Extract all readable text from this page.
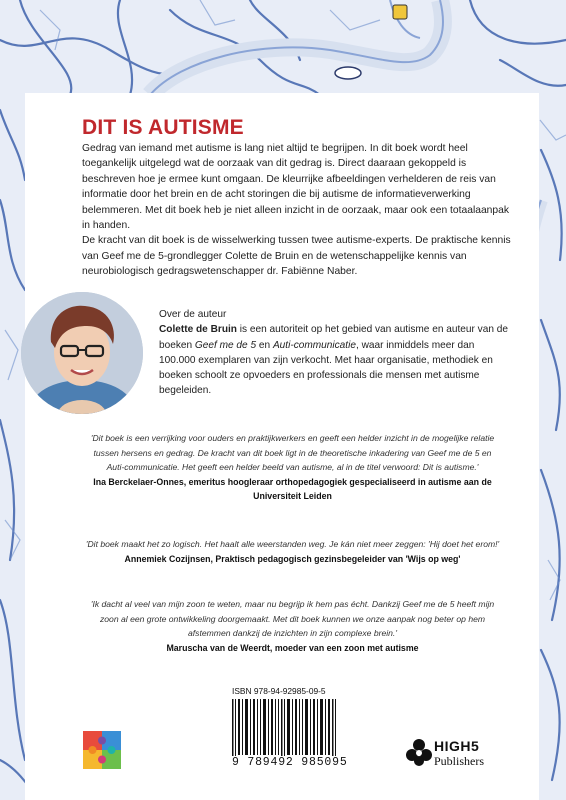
DIT IS AUTISME

Gedrag van iemand met autisme is lang niet altijd te begrijpen. In dit boek wordt heel toegankelijk uitgelegd wat de oorzaak van dit gedrag is. Direct daaraan gekoppeld is beschreven hoe je ermee kunt omgaan. De kleurrijke afbeeldingen verhelderen de reis van informatie door het brein en de acht storingen die bij autisme de informatieverwerking belemmeren. Met dit boek heb je niet alleen inzicht in de oorzaak, maar ook een totaalaanpak in handen.

De kracht van dit boek is de wisselwerking tussen twee autisme-experts. De praktische kennis van Geef me de 5-grondlegger Colette de Bruin en de wetenschappelijke kennis van neurobiologisch gedragswetenschapper dr. Fabiënne Naber.

Over de auteur

Colette de Bruin is een autoriteit op het gebied van autisme en auteur van de boeken Geef me de 5 en Auti-communicatie, waar inmiddels meer dan 100.000 exemplaren van zijn verkocht. Met haar organisatie, methodiek en boeken schoolt ze opvoeders en professionals die mensen met autisme begeleiden.

'Dit boek is een verrijking voor ouders en praktijkwerkers en geeft een helder inzicht in de mogelijke relatie tussen hersens en gedrag. De kracht van dit boek ligt in de theoretische inkadering van Geef me de 5 en Auti-communicatie. Het geeft een helder beeld van autisme, al in de titel verwoord: Dit is autisme.'
Ina Berckelaer-Onnes, emeritus hoogleraar orthopedagogiek gespecialiseerd in autisme aan de Universiteit Leiden
'Dit boek maakt het zo logisch. Het haalt alle weerstanden weg. Je kán niet meer zeggen: 'Hij doet het erom!'
Annemiek Cozijnsen, Praktisch pedagogisch gezinsbegeleider van 'Wijs op weg'
'Ik dacht al veel van mijn zoon te weten, maar nu begrijp ik hem pas écht. Dankzij Geef me de 5 heeft mijn zoon al een grote ontwikkeling doorgemaakt. Met dit boek kunnen we onze aanpak nog beter op hem afstemmen dankzij de inzichten in zijn complexe brein.'
Maruscha van de Weerdt, moeder van een zoon met autisme
ISBN 978-94-92985-09-5
9 789492 985095
HIGH5
Publishers
